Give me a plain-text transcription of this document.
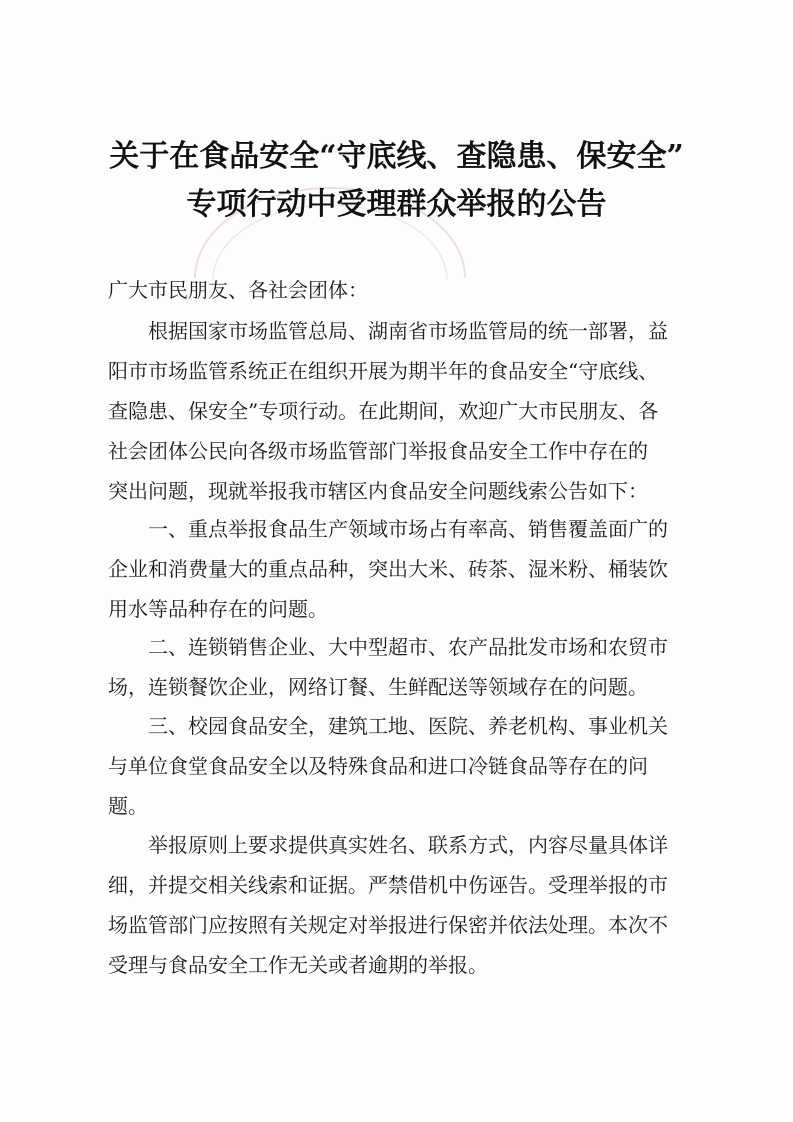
关于在食品安全“守底线、查隐患、保安全”
专项行动中受理群众举报的公告
广大市民朋友、各社会团体：
根据国家市场监管总局、湖南省市场监管局的统一部署，益
阳市市场监管系统正在组织开展为期半年的食品安全“守底线、
查隐患、保安全”专项行动。在此期间，欢迎广大市民朋友、各
社会团体公民向各级市场监管部门举报食品安全工作中存在的
突出问题，现就举报我市辖区内食品安全问题线索公告如下：
一、重点举报食品生产领域市场占有率高、销售覆盖面广的
企业和消费量大的重点品种，突出大米、砖茶、湿米粉、桶装饮
用水等品种存在的问题。
二、连锁销售企业、大中型超市、农产品批发市场和农贸市
场，连锁餐饮企业，网络订餐、生鲜配送等领域存在的问题。
三、校园食品安全，建筑工地、医院、养老机构、事业机关
与单位食堂食品安全以及特殊食品和进口冷链食品等存在的问
题。
举报原则上要求提供真实姓名、联系方式，内容尽量具体详
细，并提交相关线索和证据。严禁借机中伤诬告。受理举报的市
场监管部门应按照有关规定对举报进行保密并依法处理。本次不
受理与食品安全工作无关或者逾期的举报。
